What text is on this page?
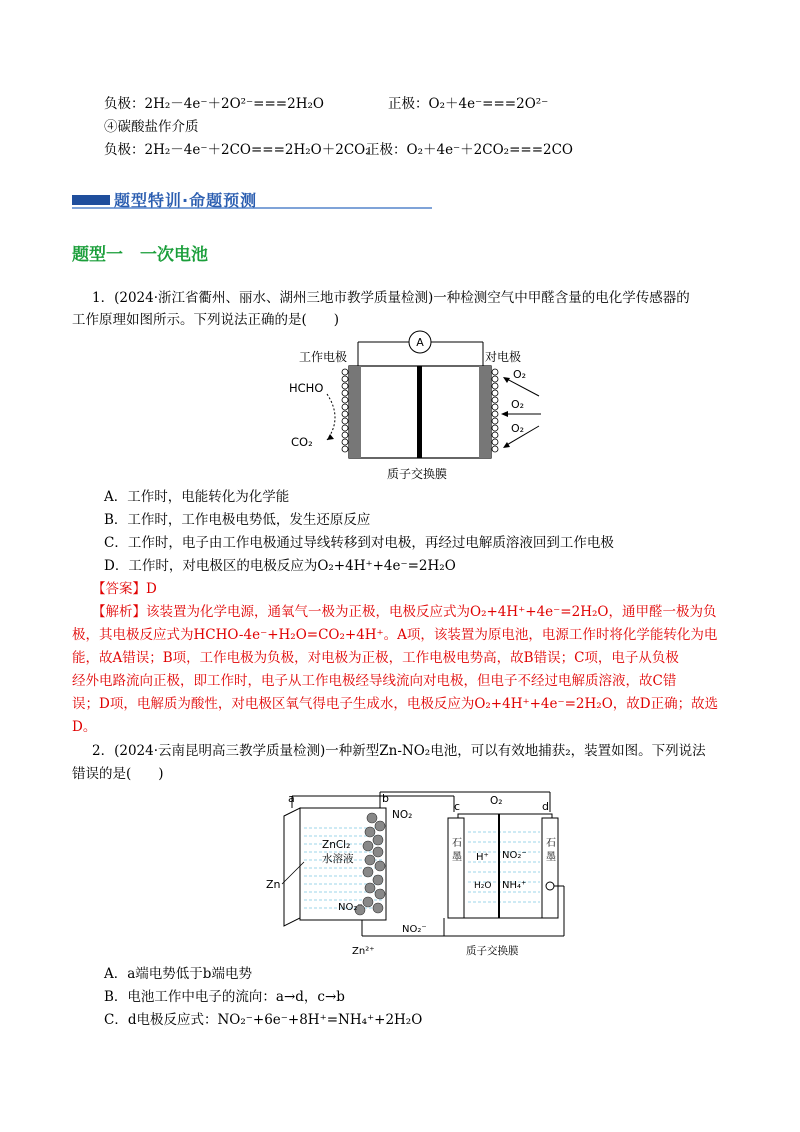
负极：2H₂－4e⁻＋2O²⁻===2H₂O	正极：O₂＋4e⁻===2O²⁻
④碳酸盐作介质
负极：2H₂－4e⁻＋2CO===2H₂O＋2CO₂
正极：O₂＋4e⁻＋2CO₂===2CO
题型特训·命题预测
题型一　一次电池
1．(2024·浙江省衢州、丽水、湖州三地市教学质量检测)一种检测空气中甲醛含量的电化学传感器的
工作原理如图所示。下列说法正确的是(　　)
A
工作电极	对电极
HCHO
CO₂
O₂
O₂
O₂
质子交换膜
A．工作时，电能转化为化学能
B．工作时，工作电极电势低，发生还原反应
C．工作时，电子由工作电极通过导线转移到对电极，再经过电解质溶液回到工作电极
D．工作时，对电极区的电极反应为O₂+4H⁺+4e⁻=2H₂O
【答案】D
【解析】该装置为化学电源，通氧气一极为正极，电极反应式为O₂+4H⁺+4e⁻=2H₂O，通甲醛一极为负
极，其电极反应式为HCHO-4e⁻+H₂O=CO₂+4H⁺。A项，该装置为原电池，电源工作时将化学能转化为电
能，故A错误；B项，工作电极为负极，对电极为正极，工作电极电势高，故B错误；C项，电子从负极
经外电路流向正极，即工作时，电子从工作电极经导线流向对电极，但电子不经过电解质溶液，故C错
误；D项，电解质为酸性，对电极区氧气得电子生成水，电极反应为O₂+4H⁺+4e⁻=2H₂O，故D正确；故选
D。
2．(2024·云南昆明高三教学质量检测)一种新型Zn-NO₂电池，可以有效地捕获₂，装置如图。下列说法
错误的是(　　)
a	b
ZnCl₂
水溶液
NO₂
NO₂⁻
Zn
Zn²⁺
NO₂⁻
c	d
O₂
石
墨
石
墨
H⁺ NO₂⁻
H₂O NH₄⁺
质子交换膜
A．a端电势低于b端电势
B．电池工作中电子的流向：a→d，c→b
C．d电极反应式：NO₂⁻+6e⁻+8H⁺=NH₄⁺+2H₂O
